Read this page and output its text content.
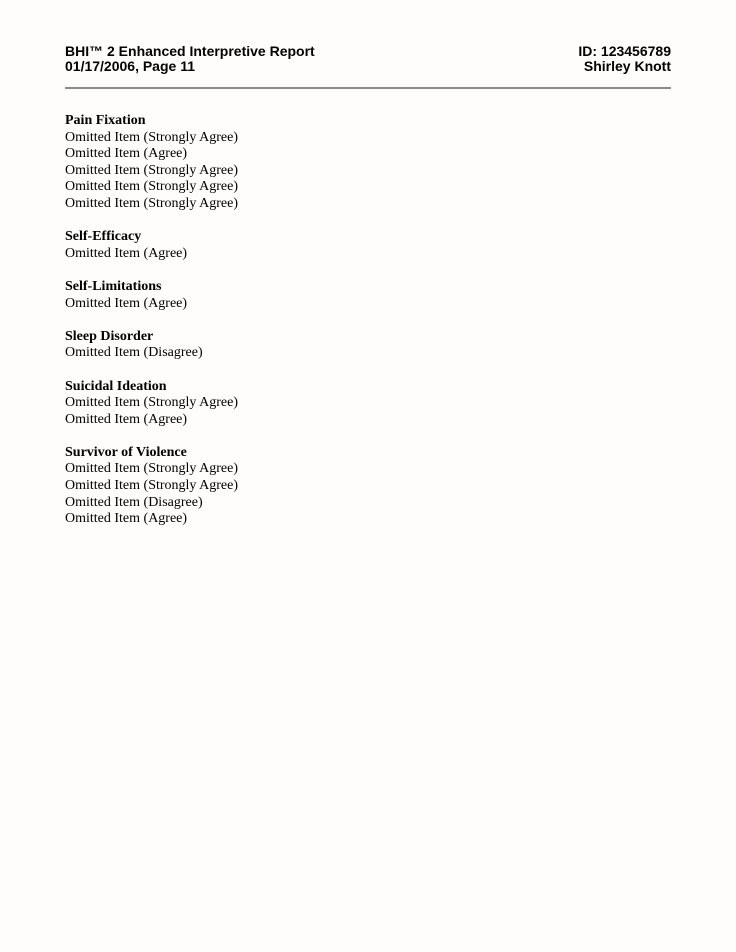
BHI™ 2 Enhanced Interpretive Report
01/17/2006, Page 11
ID: 123456789
Shirley Knott
Pain Fixation
Omitted Item (Strongly Agree)
Omitted Item (Agree)
Omitted Item (Strongly Agree)
Omitted Item (Strongly Agree)
Omitted Item (Strongly Agree)
Self-Efficacy
Omitted Item (Agree)
Self-Limitations
Omitted Item (Agree)
Sleep Disorder
Omitted Item (Disagree)
Suicidal Ideation
Omitted Item (Strongly Agree)
Omitted Item (Agree)
Survivor of Violence
Omitted Item (Strongly Agree)
Omitted Item (Strongly Agree)
Omitted Item (Disagree)
Omitted Item (Agree)
